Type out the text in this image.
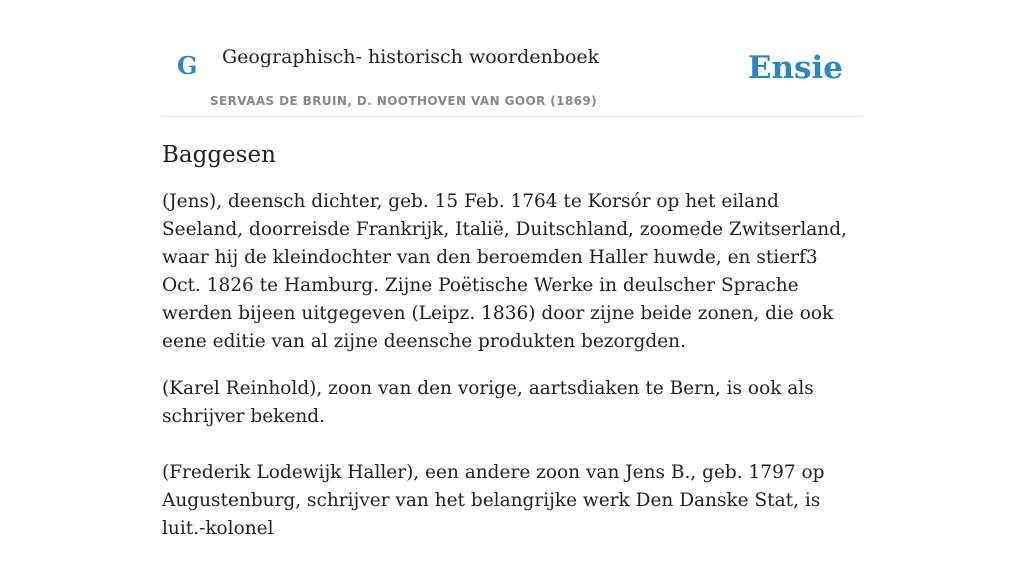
G Geographisch- historisch woordenboek
SERVAAS DE BRUIN, D. NOOTHOVEN VAN GOOR (1869)
Ensie
Baggesen

(Jens), deensch dichter, geb. 15 Feb. 1764 te Korsór op het eiland Seeland, doorreisde Frankrijk, Italië, Duitschland, zoomede Zwitserland, waar hij de kleindochter van den beroemden Haller huwde, en stierf3 Oct. 1826 te Hamburg. Zijne Poëtische Werke in deulscher Sprache werden bijeen uitgegeven (Leipz. 1836) door zijne beide zonen, die ook eene editie van al zijne deensche produkten bezorgden.

(Karel Reinhold), zoon van den vorige, aartsdiaken te Bern, is ook als schrijver bekend.

(Frederik Lodewijk Haller), een andere zoon van Jens B., geb. 1797 op Augustenburg, schrijver van het belangrijke werk Den Danske Stat, is luit.-kolonel
